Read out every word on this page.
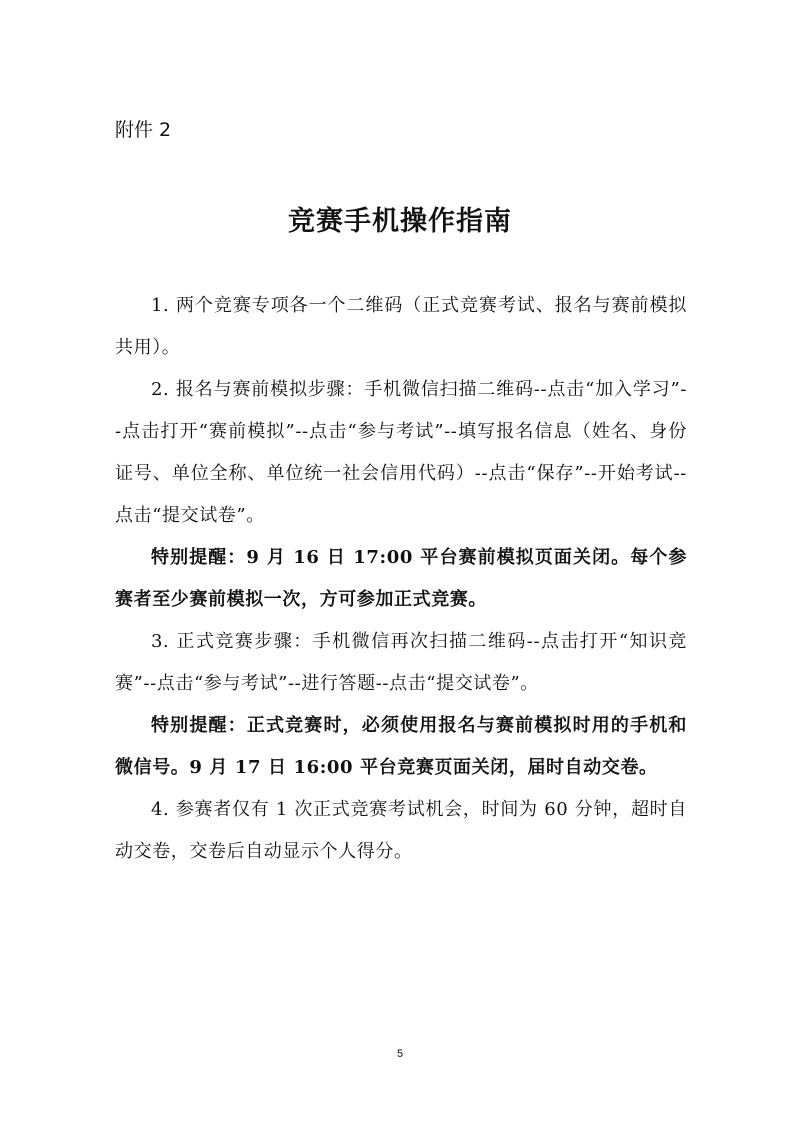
附件 2
竞赛手机操作指南

1. 两个竞赛专项各一个二维码（正式竞赛考试、报名与赛前模拟共用）。

2. 报名与赛前模拟步骤：手机微信扫描二维码--点击“加入学习”--点击打开“赛前模拟”--点击“参与考试”--填写报名信息（姓名、身份证号、单位全称、单位统一社会信用代码）--点击“保存”--开始考试--点击“提交试卷”。

特别提醒：9 月 16 日 17:00 平台赛前模拟页面关闭。每个参赛者至少赛前模拟一次，方可参加正式竞赛。

3. 正式竞赛步骤：手机微信再次扫描二维码--点击打开“知识竞赛”--点击“参与考试”--进行答题--点击“提交试卷”。

特别提醒：正式竞赛时，必须使用报名与赛前模拟时用的手机和微信号。9 月 17 日 16:00 平台竞赛页面关闭，届时自动交卷。

4. 参赛者仅有 1 次正式竞赛考试机会，时间为 60 分钟，超时自动交卷，交卷后自动显示个人得分。

5
